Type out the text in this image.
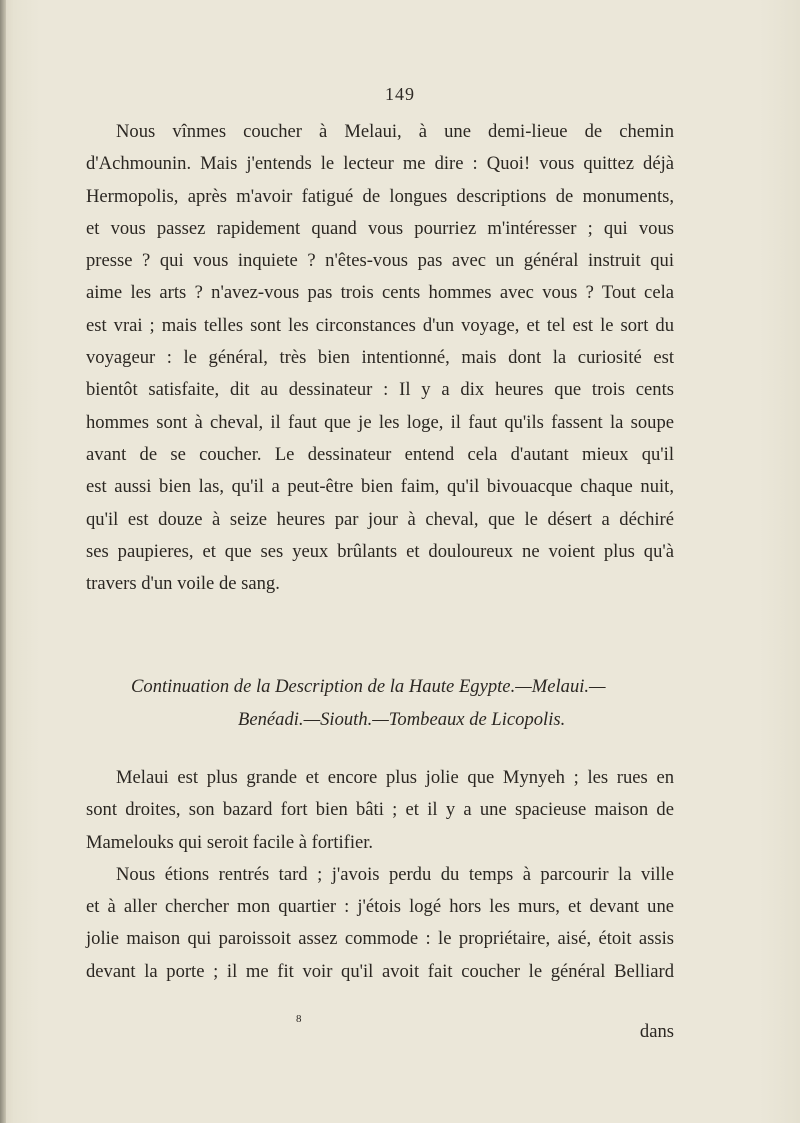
149
Nous vînmes coucher à Melaui, à une demi-lieue de chemin
d'Achmounin. Mais j'entends le lecteur me dire : Quoi! vous quittez déjà
Hermopolis, après m'avoir fatigué de longues descriptions de monuments,
et vous passez rapidement quand vous pourriez m'intéresser ; qui vous
presse ? qui vous inquiete ? n'êtes-vous pas avec un général instruit qui
aime les arts ? n'avez-vous pas trois cents hommes avec vous ? Tout cela
est vrai ; mais telles sont les circonstances d'un voyage, et tel est le sort du
voyageur : le général, très bien intentionné, mais dont la curiosité est
bientôt satisfaite, dit au dessinateur : Il y a dix heures que trois cents
hommes sont à cheval, il faut que je les loge, il faut qu'ils fassent la soupe
avant de se coucher. Le dessinateur entend cela d'autant mieux qu'il
est aussi bien las, qu'il a peut-être bien faim, qu'il bivouacque chaque nuit,
qu'il est douze à seize heures par jour à cheval, que le désert a déchiré
ses paupieres, et que ses yeux brûlants et douloureux ne voient plus qu'à
travers d'un voile de sang.
Continuation de la Description de la Haute Egypte.—Melaui.—
Benéadi.—Siouth.—Tombeaux de Licopolis.
Melaui est plus grande et encore plus jolie que Mynyeh ; les rues en
sont droites, son bazard fort bien bâti ; et il y a une spacieuse maison de
Mamelouks qui seroit facile à fortifier.
Nous étions rentrés tard ; j'avois perdu du temps à parcourir la ville
et à aller chercher mon quartier : j'étois logé hors les murs, et devant une
jolie maison qui paroissoit assez commode : le propriétaire, aisé, étoit assis
devant la porte ; il me fit voir qu'il avoit fait coucher le général Belliard
8
dans
